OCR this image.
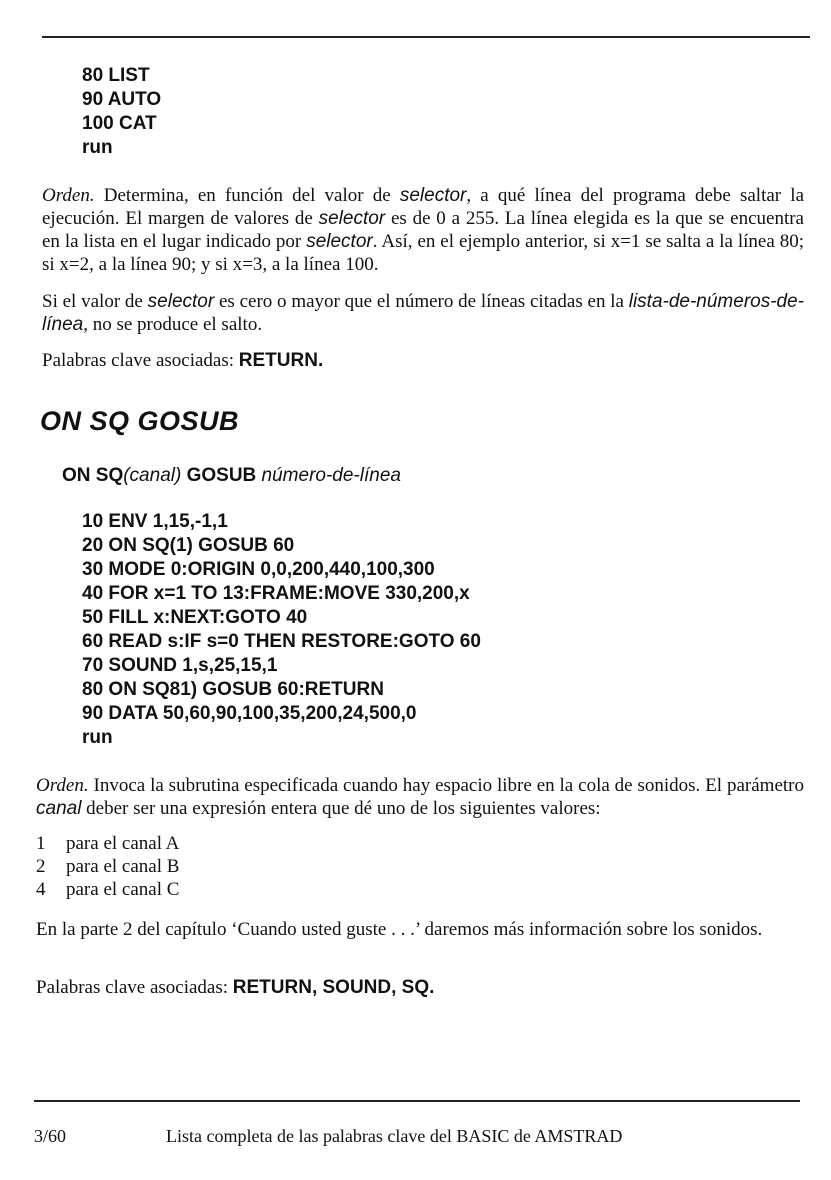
80 LIST
90 AUTO
100 CAT
run

Orden. Determina, en función del valor de selector, a qué línea del programa debe saltar la ejecución. El margen de valores de selector es de 0 a 255. La línea elegida es la que se encuentra en la lista en el lugar indicado por selector. Así, en el ejemplo anterior, si x=1 se salta a la línea 80; si x=2, a la línea 90; y si x=3, a la línea 100.

Si el valor de selector es cero o mayor que el número de líneas citadas en la lista-de-números-de-línea, no se produce el salto.

Palabras clave asociadas: RETURN.

ON SQ GOSUB
ON SQ(canal) GOSUB número-de-línea
10 ENV 1,15,-1,1
20 ON SQ(1) GOSUB 60
30 MODE 0:ORIGIN 0,0,200,440,100,300
40 FOR x=1 TO 13:FRAME:MOVE 330,200,x
50 FILL x:NEXT:GOTO 40
60 READ s:IF s=0 THEN RESTORE:GOTO 60
70 SOUND 1,s,25,15,1
80 ON SQ81) GOSUB 60:RETURN
90 DATA 50,60,90,100,35,200,24,500,0
run

Orden. Invoca la subrutina especificada cuando hay espacio libre en la cola de sonidos. El parámetro canal deber ser una expresión entera que dé uno de los siguientes valores:

1 para el canal A
2 para el canal B
4 para el canal C

En la parte 2 del capítulo ‘Cuando usted guste . . .’ daremos más información sobre los sonidos.

Palabras clave asociadas: RETURN, SOUND, SQ.

3/60	Lista completa de las palabras clave del BASIC de AMSTRAD
